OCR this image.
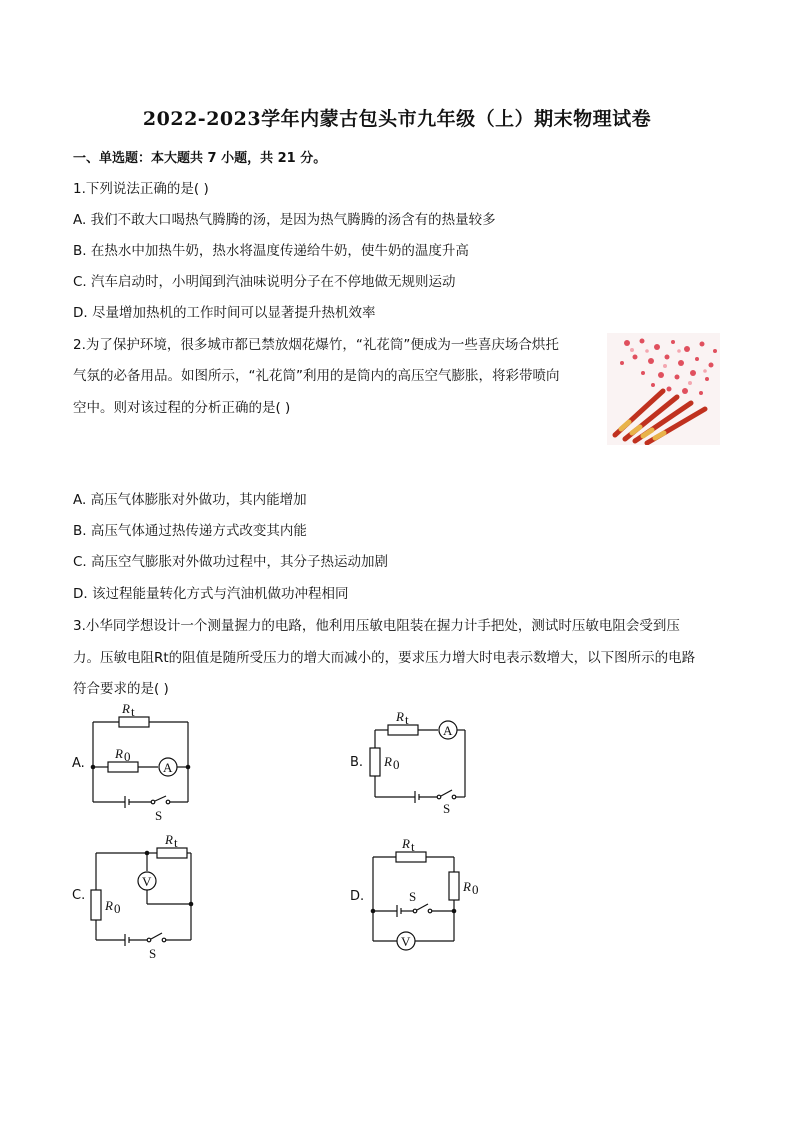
2022-2023学年内蒙古包头市九年级（上）期末物理试卷
一、单选题：本大题共 7 小题，共 21 分。
1.下列说法正确的是( )
A. 我们不敢大口喝热气腾腾的汤，是因为热气腾腾的汤含有的热量较多
B. 在热水中加热牛奶，热水将温度传递给牛奶，使牛奶的温度升高
C. 汽车启动时，小明闻到汽油味说明分子在不停地做无规则运动
D. 尽量增加热机的工作时间可以显著提升热机效率
2.为了保护环境，很多城市都已禁放烟花爆竹，“礼花筒”便成为一些喜庆场合烘托
气氛的必备用品。如图所示，“礼花筒”利用的是筒内的高压空气膨胀，将彩带喷向
空中。则对该过程的分析正确的是( )
A. 高压气体膨胀对外做功，其内能增加
B. 高压气体通过热传递方式改变其内能
C. 高压空气膨胀对外做功过程中，其分子热运动加剧
D. 该过程能量转化方式与汽油机做功冲程相同
3.小华同学想设计一个测量握力的电路，他利用压敏电阻装在握力计手把处，测试时压敏电阻会受到压
力。压敏电阻Rt的阻值是随所受压力的增大而减小的，要求压力增大时电表示数增大，以下图所示的电路
符合要求的是( )
A.
R t
R 0
A
S
B.
R t
R 0
A
S
C.
R t
R 0
V
S
D.
R t
R 0
V
S
